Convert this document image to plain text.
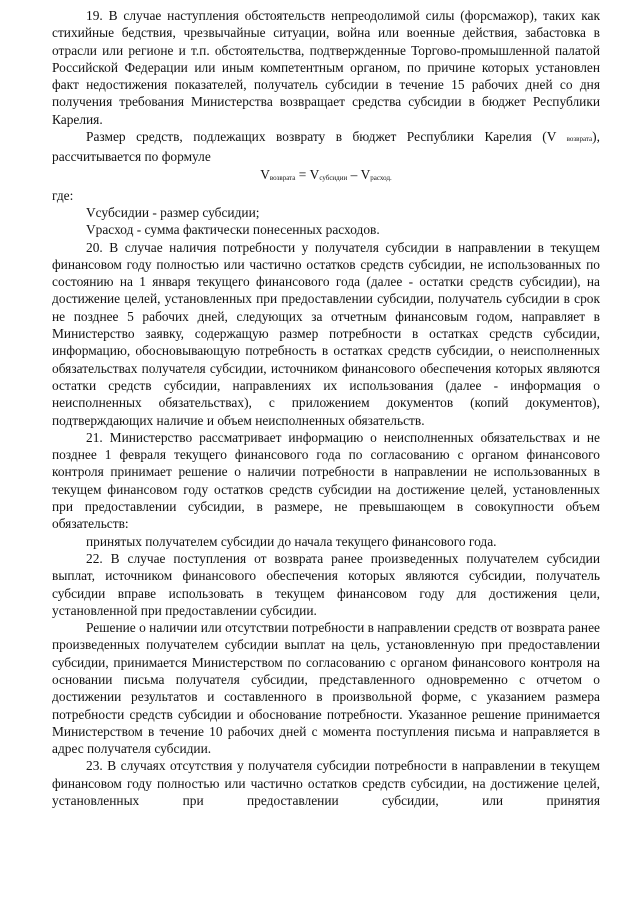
19. В случае наступления обстоятельств непреодолимой силы (форсмажор), таких как стихийные бедствия, чрезвычайные ситуации, война или военные действия, забастовка в отрасли или регионе и т.п. обстоятельства, подтвержденные Торгово-промышленной палатой Российской Федерации или иным компетентным органом, по причине которых установлен факт недостижения показателей, получатель субсидии в течение 15 рабочих дней со дня получения требования Министерства возвращает средства субсидии в бюджет Республики Карелия.

Размер средств, подлежащих возврату в бюджет Республики Карелия (V возврата), рассчитывается по формуле

$V_{возврата} = V_{субсидии} - V_{расход.}$

где:

Vсубсидии - размер субсидии;

Vрасход - сумма фактически понесенных расходов.

20. В случае наличия потребности у получателя субсидии в направлении в текущем финансовом году полностью или частично остатков средств субсидии, не использованных по состоянию на 1 января текущего финансового года (далее - остатки средств субсидии), на достижение целей, установленных при предоставлении субсидии, получатель субсидии в срок не позднее 5 рабочих дней, следующих за отчетным финансовым годом, направляет в Министерство заявку, содержащую размер потребности в остатках средств субсидии, информацию, обосновывающую потребность в остатках средств субсидии, о неисполненных обязательствах получателя субсидии, источником финансового обеспечения которых являются остатки средств субсидии, направлениях их использования (далее - информация о неисполненных обязательствах), с приложением документов (копий документов), подтверждающих наличие и объем неисполненных обязательств.

21. Министерство рассматривает информацию о неисполненных обязательствах и не позднее 1 февраля текущего финансового года по согласованию с органом финансового контроля принимает решение о наличии потребности в направлении не использованных в текущем финансовом году остатков средств субсидии на достижение целей, установленных при предоставлении субсидии, в размере, не превышающем в совокупности объем обязательств:

принятых получателем субсидии до начала текущего финансового года.

22. В случае поступления от возврата ранее произведенных получателем субсидии выплат, источником финансового обеспечения которых являются субсидии, получатель субсидии вправе использовать в текущем финансовом году для достижения цели, установленной при предоставлении субсидии.

Решение о наличии или отсутствии потребности в направлении средств от возврата ранее произведенных получателем субсидии выплат на цель, установленную при предоставлении субсидии, принимается Министерством по согласованию с органом финансового контроля на основании письма получателя субсидии, представленного одновременно с отчетом о достижении результатов и составленного в произвольной форме, с указанием размера потребности средств субсидии и обоснование потребности. Указанное решение принимается Министерством в течение 10 рабочих дней с момента поступления письма и направляется в адрес получателя субсидии.

23. В случаях отсутствия у получателя субсидии потребности в направлении в текущем финансовом году полностью или частично остатков средств субсидии, на достижение целей, установленных при предоставлении субсидии, или принятия
